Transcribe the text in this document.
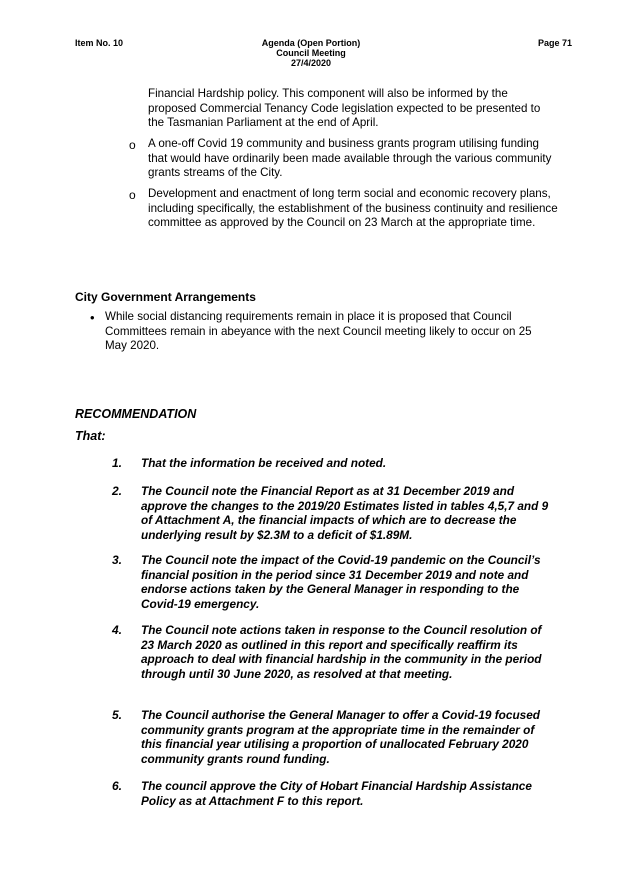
Item No. 10	Agenda (Open Portion)
Council Meeting
27/4/2020
Page 71
Financial Hardship policy. This component will also be informed by the proposed Commercial Tenancy Code legislation expected to be presented to the Tasmanian Parliament at the end of April.
o A one-off Covid 19 community and business grants program utilising funding that would have ordinarily been made available through the various community grants streams of the City.
o Development and enactment of long term social and economic recovery plans, including specifically, the establishment of the business continuity and resilience committee as approved by the Council on 23 March at the appropriate time.
City Government Arrangements
• While social distancing requirements remain in place it is proposed that Council Committees remain in abeyance with the next Council meeting likely to occur on 25 May 2020.
RECOMMENDATION
That:
1. That the information be received and noted.
2. The Council note the Financial Report as at 31 December 2019 and approve the changes to the 2019/20 Estimates listed in tables 4,5,7 and 9 of Attachment A, the financial impacts of which are to decrease the underlying result by $2.3M to a deficit of $1.89M.
3. The Council note the impact of the Covid-19 pandemic on the Council’s financial position in the period since 31 December 2019 and note and endorse actions taken by the General Manager in responding to the Covid-19 emergency.
4. The Council note actions taken in response to the Council resolution of 23 March 2020 as outlined in this report and specifically reaffirm its approach to deal with financial hardship in the community in the period through until 30 June 2020, as resolved at that meeting.
5. The Council authorise the General Manager to offer a Covid-19 focused community grants program at the appropriate time in the remainder of this financial year utilising a proportion of unallocated February 2020 community grants round funding.
6. The council approve the City of Hobart Financial Hardship Assistance Policy as at Attachment F to this report.
